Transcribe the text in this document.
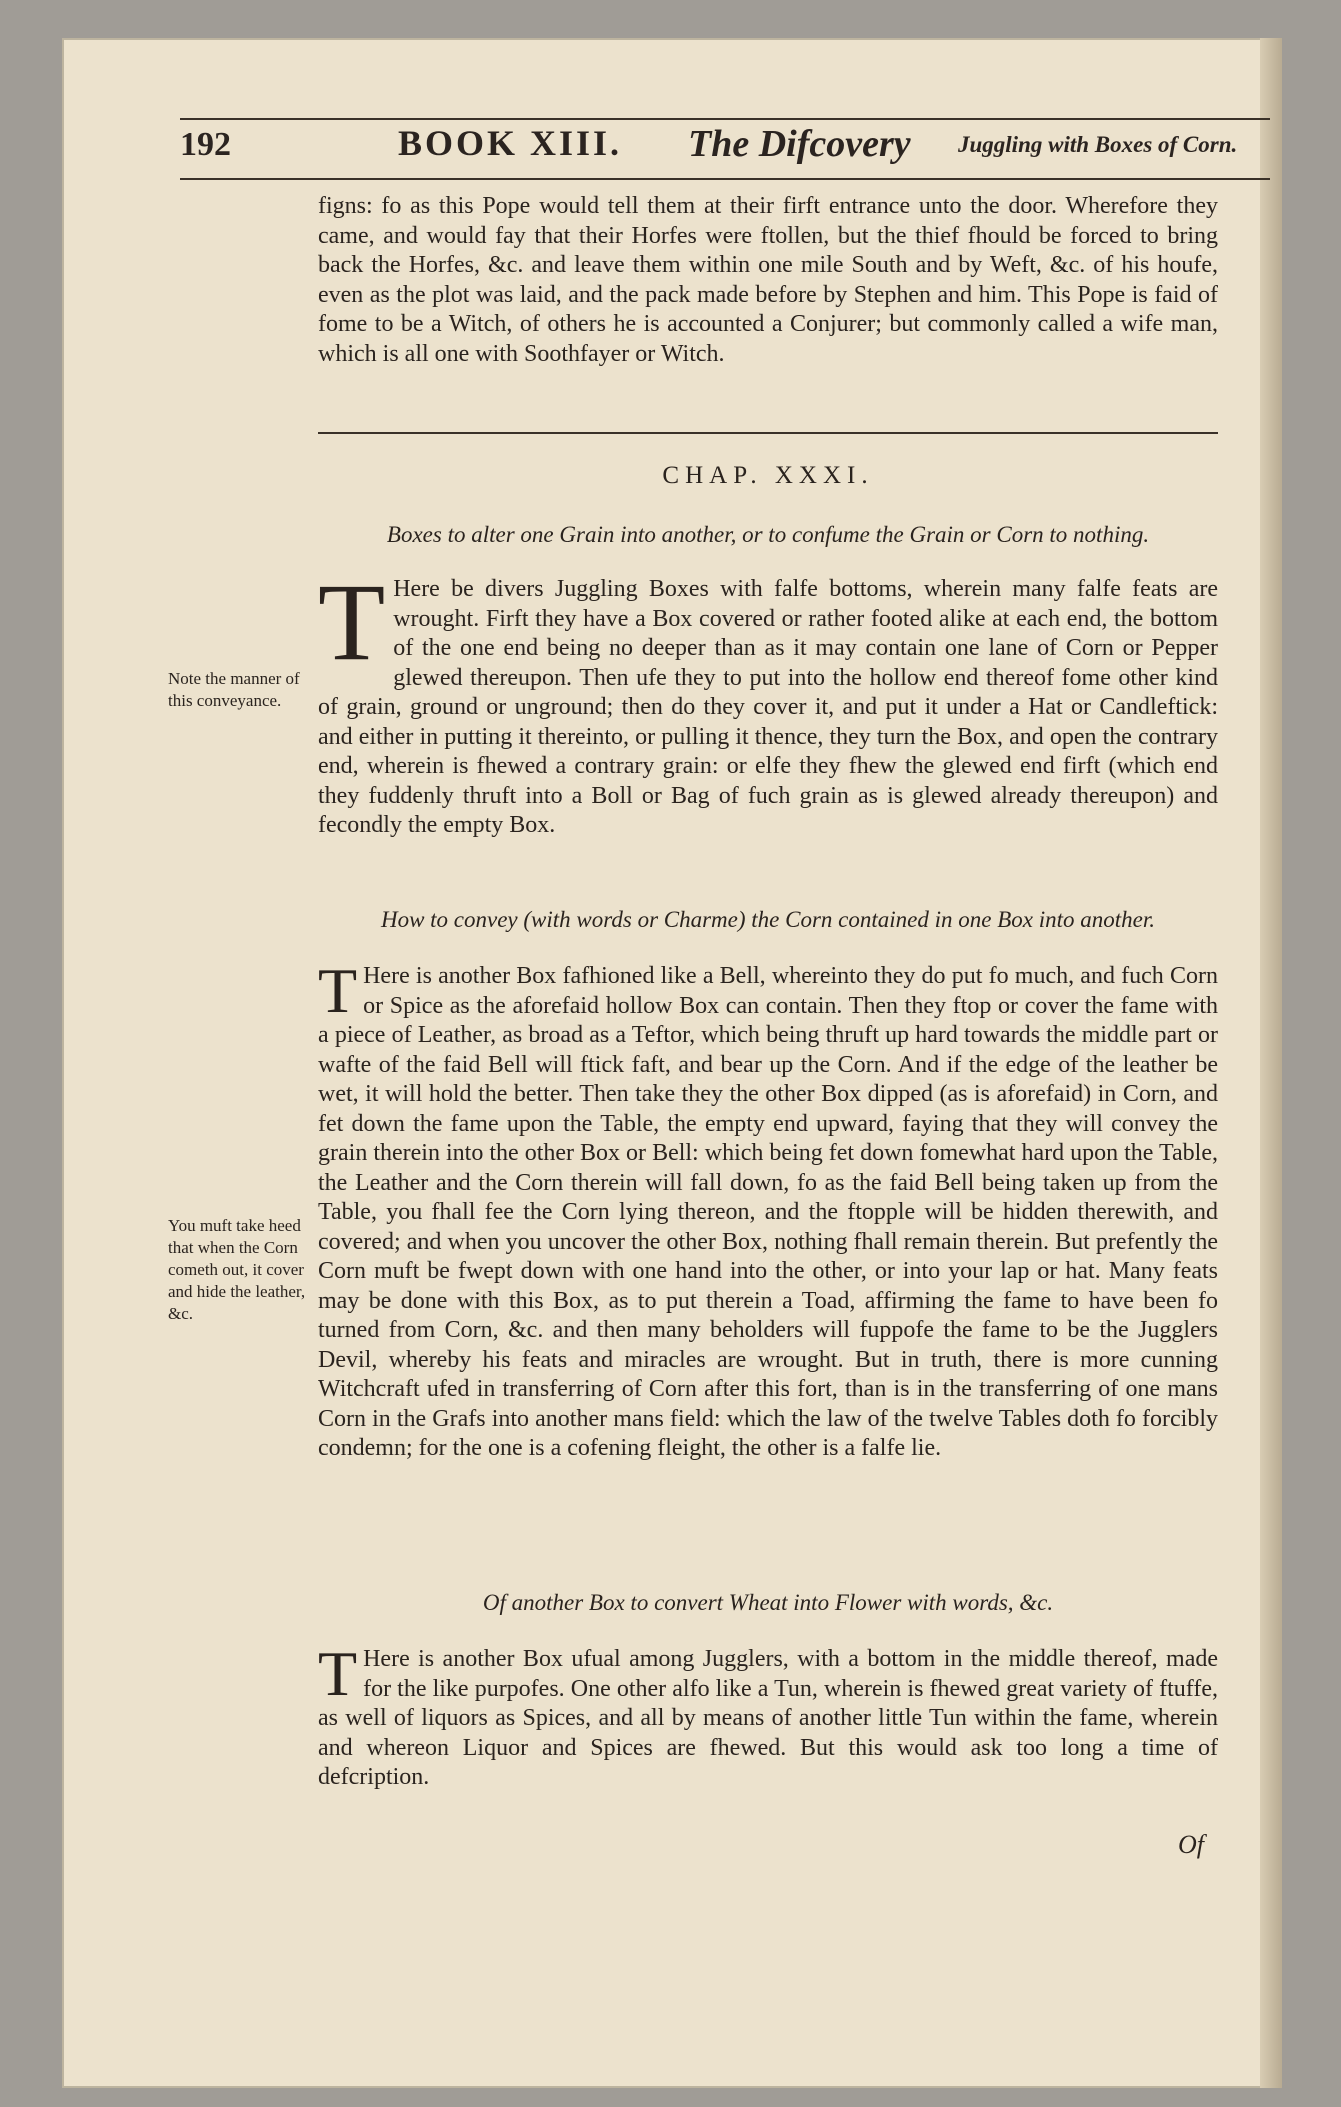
192	BOOK XIII. The Difcovery Juggling with Boxes of Corn.
figns: fo as this Pope would tell them at their firft entrance unto the door. Wherefore they came, and would fay that their Horfes were ftollen, but the thief fhould be forced to bring back the Horfes, &c. and leave them within one mile South and by Weft, &c. of his houfe, even as the plot was laid, and the pack made before by Stephen and him. This Pope is faid of fome to be a Witch, of others he is accounted a Conjurer; but commonly called a wife man, which is all one with Soothfayer or Witch.
CHAP. XXXI.
Boxes to alter one Grain into another, or to confume the Grain or Corn to nothing.
T Here be divers Juggling Boxes with falfe bottoms, wherein many falfe feats are wrought. Firft they have a Box covered or rather footed alike at each end, the bottom of the one end being no deeper than as it may contain one lane of Corn or Pepper glewed thereupon. Then ufe they to put into the hollow end thereof fome other kind of grain, ground or unground; then do they cover it, and put it under a Hat or Candleftick: and either in putting it thereinto, or pulling it thence, they turn the Box, and open the contrary end, wherein is fhewed a contrary grain: or elfe they fhew the glewed end firft (which end they fuddenly thruft into a Boll or Bag of fuch grain as is glewed already thereupon) and fecondly the empty Box.
Note the manner of this conveyance.
How to convey (with words or Charme) the Corn contained in one Box into another.
T Here is another Box fafhioned like a Bell, whereinto they do put fo much, and fuch Corn or Spice as the aforefaid hollow Box can contain. Then they ftop or cover the fame with a piece of Leather, as broad as a Teftor, which being thruft up hard towards the middle part or wafte of the faid Bell will ftick faft, and bear up the Corn. And if the edge of the leather be wet, it will hold the better. Then take they the other Box dipped (as is aforefaid) in Corn, and fet down the fame upon the Table, the empty end upward, faying that they will convey the grain therein into the other Box or Bell: which being fet down fomewhat hard upon the Table, the Leather and the Corn therein will fall down, fo as the faid Bell being taken up from the Table, you fhall fee the Corn lying thereon, and the ftopple will be hidden therewith, and covered; and when you uncover the other Box, nothing fhall remain therein. But prefently the Corn muft be fwept down with one hand into the other, or into your lap or hat. Many feats may be done with this Box, as to put therein a Toad, affirming the fame to have been fo turned from Corn, &c. and then many beholders will fuppofe the fame to be the Jugglers Devil, whereby his feats and miracles are wrought. But in truth, there is more cunning Witchcraft ufed in transferring of Corn after this fort, than is in the transferring of one mans Corn in the Grafs into another mans field: which the law of the twelve Tables doth fo forcibly condemn; for the one is a cofening fleight, the other is a falfe lie.
You muft take heed that when the Corn cometh out, it cover and hide the leather, &c.
Of another Box to convert Wheat into Flower with words, &c.
T Here is another Box ufual among Jugglers, with a bottom in the middle thereof, made for the like purpofes. One other alfo like a Tun, wherein is fhewed great variety of ftuffe, as well of liquors as Spices, and all by means of another little Tun within the fame, wherein and whereon Liquor and Spices are fhewed. But this would ask too long a time of defcription.
Of
